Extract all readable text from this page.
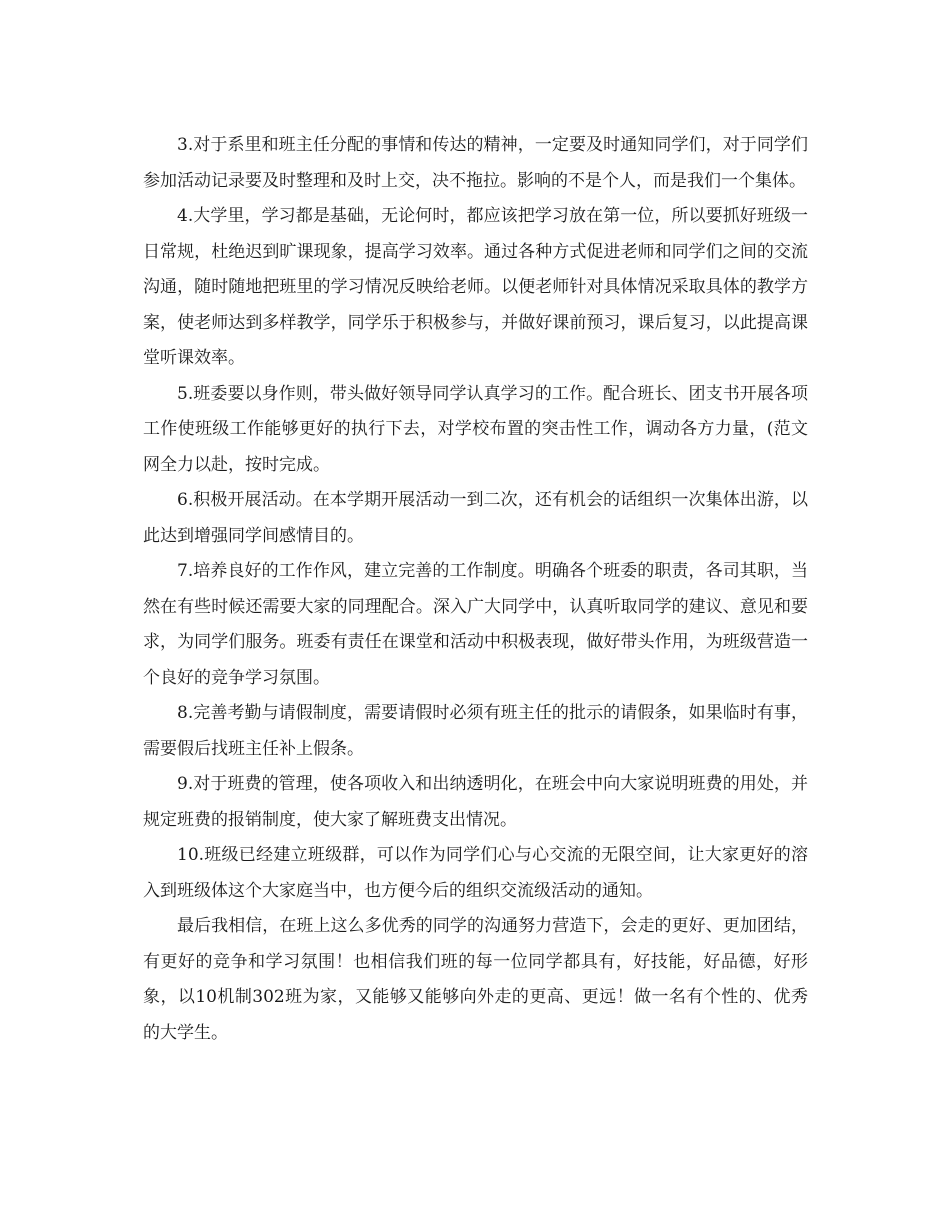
3.对于系里和班主任分配的事情和传达的精神，一定要及时通知同学们，对于同学们参加活动记录要及时整理和及时上交，决不拖拉。影响的不是个人，而是我们一个集体。

4.大学里，学习都是基础，无论何时，都应该把学习放在第一位，所以要抓好班级一日常规，杜绝迟到旷课现象，提高学习效率。通过各种方式促进老师和同学们之间的交流沟通，随时随地把班里的学习情况反映给老师。以便老师针对具体情况采取具体的教学方案，使老师达到多样教学，同学乐于积极参与，并做好课前预习，课后复习，以此提高课堂听课效率。

5.班委要以身作则，带头做好领导同学认真学习的工作。配合班长、团支书开展各项工作使班级工作能够更好的执行下去，对学校布置的突击性工作，调动各方力量，(范文网全力以赴，按时完成。

6.积极开展活动。在本学期开展活动一到二次，还有机会的话组织一次集体出游，以此达到增强同学间感情目的。

7.培养良好的工作作风，建立完善的工作制度。明确各个班委的职责，各司其职，当然在有些时候还需要大家的同理配合。深入广大同学中，认真听取同学的建议、意见和要求，为同学们服务。班委有责任在课堂和活动中积极表现，做好带头作用，为班级营造一个良好的竞争学习氛围。

8.完善考勤与请假制度，需要请假时必须有班主任的批示的请假条，如果临时有事，需要假后找班主任补上假条。

9.对于班费的管理，使各项收入和出纳透明化，在班会中向大家说明班费的用处，并规定班费的报销制度，使大家了解班费支出情况。

10.班级已经建立班级群，可以作为同学们心与心交流的无限空间，让大家更好的溶入到班级体这个大家庭当中，也方便今后的组织交流级活动的通知。

最后我相信，在班上这么多优秀的同学的沟通努力营造下，会走的更好、更加团结，有更好的竞争和学习氛围！也相信我们班的每一位同学都具有，好技能，好品德，好形象，以10机制302班为家，又能够又能够向外走的更高、更远！做一名有个性的、优秀的大学生。
